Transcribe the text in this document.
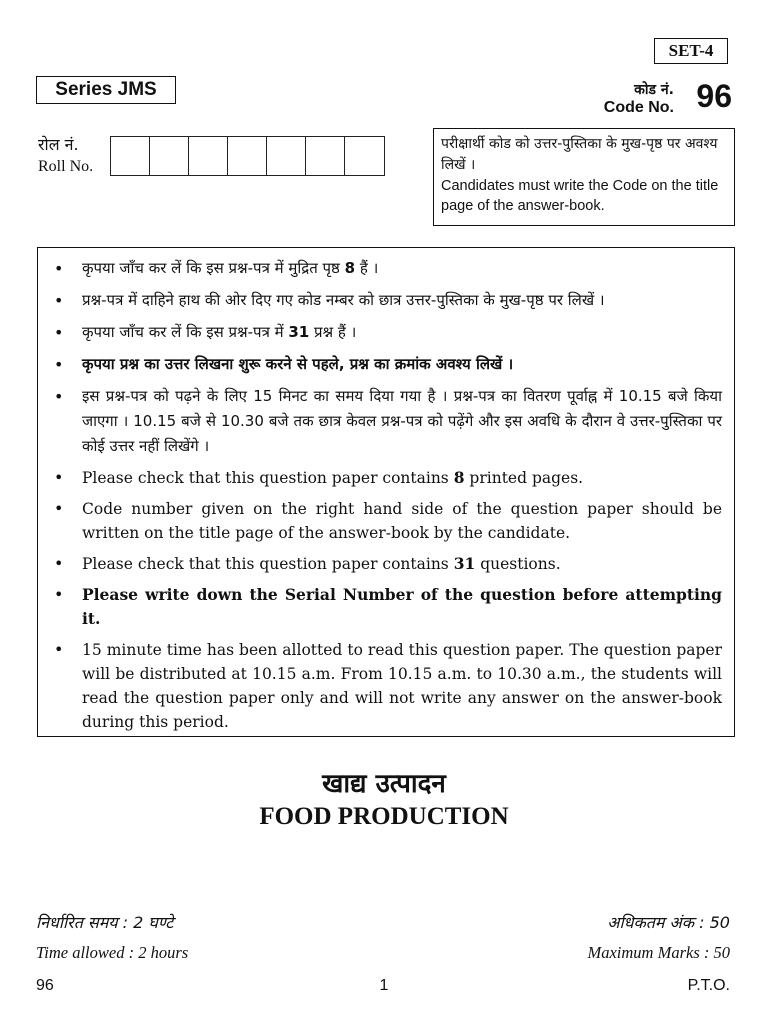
SET-4
Series JMS	कोड नं.
Code No. 96
रोल नं.
Roll No.
परीक्षार्थी कोड को उत्तर-पुस्तिका के मुख-पृष्ठ पर अवश्य लिखें ।
Candidates must write the Code on the title page of the answer-book.
• कृपया जाँच कर लें कि इस प्रश्न-पत्र में मुद्रित पृष्ठ 8 हैं ।
• प्रश्न-पत्र में दाहिने हाथ की ओर दिए गए कोड नम्बर को छात्र उत्तर-पुस्तिका के मुख-पृष्ठ पर लिखें ।
• कृपया जाँच कर लें कि इस प्रश्न-पत्र में 31 प्रश्न हैं ।
• कृपया प्रश्न का उत्तर लिखना शुरू करने से पहले, प्रश्न का क्रमांक अवश्य लिखें ।
• इस प्रश्न-पत्र को पढ़ने के लिए 15 मिनट का समय दिया गया है । प्रश्न-पत्र का वितरण पूर्वाह्न में 10.15 बजे किया जाएगा । 10.15 बजे से 10.30 बजे तक छात्र केवल प्रश्न-पत्र को पढ़ेंगे और इस अवधि के दौरान वे उत्तर-पुस्तिका पर कोई उत्तर नहीं लिखेंगे ।
• Please check that this question paper contains 8 printed pages.
• Code number given on the right hand side of the question paper should be written on the title page of the answer-book by the candidate.
• Please check that this question paper contains 31 questions.
• Please write down the Serial Number of the question before attempting it.
• 15 minute time has been allotted to read this question paper. The question paper will be distributed at 10.15 a.m. From 10.15 a.m. to 10.30 a.m., the students will read the question paper only and will not write any answer on the answer-book during this period.
खाद्य उत्पादन
FOOD PRODUCTION
निर्धारित समय : 2 घण्टे	अधिकतम अंक : 50
Time allowed : 2 hours	Maximum Marks : 50
96	1	P.T.O.
